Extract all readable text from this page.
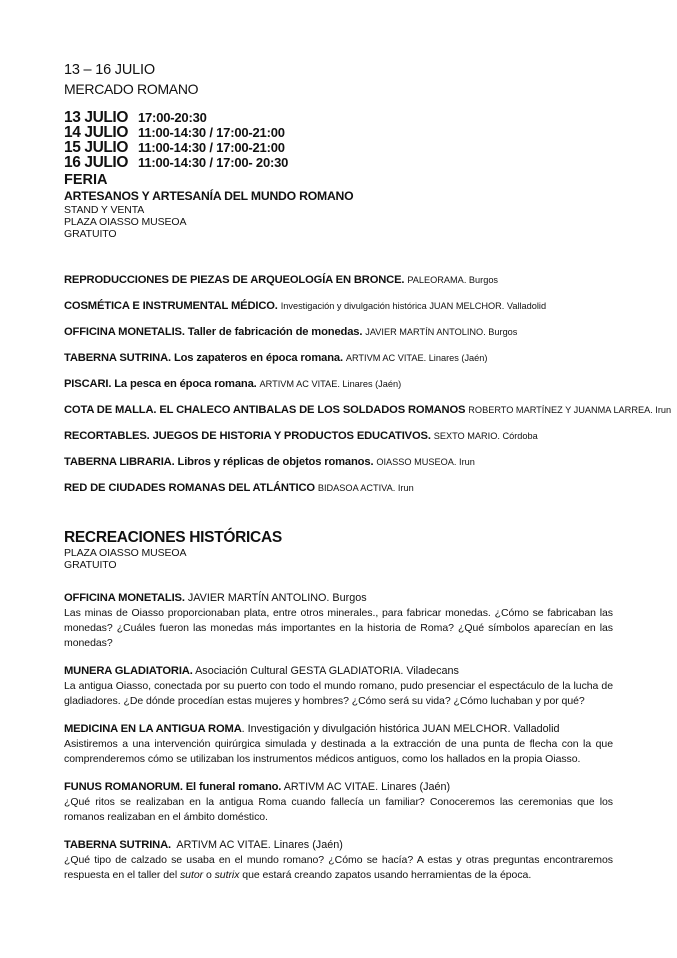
13 – 16 JULIO
MERCADO ROMANO
13 JULIO 17:00-20:30
14 JULIO 11:00-14:30 / 17:00-21:00
15 JULIO 11:00-14:30 / 17:00-21:00
16 JULIO 11:00-14:30 / 17:00- 20:30
FERIA
ARTESANOS Y ARTESANÍA DEL MUNDO ROMANO
STAND Y VENTA
PLAZA OIASSO MUSEOA
GRATUITO
REPRODUCCIONES DE PIEZAS DE ARQUEOLOGÍA EN BRONCE. PALEORAMA. Burgos
COSMÉTICA E INSTRUMENTAL MÉDICO. Investigación y divulgación histórica JUAN MELCHOR. Valladolid
OFFICINA MONETALIS. Taller de fabricación de monedas. JAVIER MARTÍN ANTOLINO. Burgos
TABERNA SUTRINA. Los zapateros en época romana. ARTIVM AC VITAE. Linares (Jaén)
PISCARI. La pesca en época romana. ARTIVM AC VITAE. Linares (Jaén)
COTA DE MALLA. EL CHALECO ANTIBALAS DE LOS SOLDADOS ROMANOS ROBERTO MARTÍNEZ Y JUANMA LARREA. Irun
RECORTABLES. JUEGOS DE HISTORIA Y PRODUCTOS EDUCATIVOS. SEXTO MARIO. Córdoba
TABERNA LIBRARIA. Libros y réplicas de objetos romanos. OIASSO MUSEOA. Irun
RED DE CIUDADES ROMANAS DEL ATLÁNTICO BIDASOA ACTIVA. Irun
RECREACIONES HISTÓRICAS
PLAZA OIASSO MUSEOA
GRATUITO
OFFICINA MONETALIS. JAVIER MARTÍN ANTOLINO. Burgos
Las minas de Oiasso proporcionaban plata, entre otros minerales., para fabricar monedas. ¿Cómo se fabricaban las monedas? ¿Cuáles fueron las monedas más importantes en la historia de Roma? ¿Qué símbolos aparecían en las monedas?
MUNERA GLADIATORIA. Asociación Cultural GESTA GLADIATORIA. Viladecans
La antigua Oiasso, conectada por su puerto con todo el mundo romano, pudo presenciar el espectáculo de la lucha de gladiadores. ¿De dónde procedían estas mujeres y hombres? ¿Cómo será su vida? ¿Cómo luchaban y por qué?
MEDICINA EN LA ANTIGUA ROMA. Investigación y divulgación histórica JUAN MELCHOR. Valladolid
Asistiremos a una intervención quirúrgica simulada y destinada a la extracción de una punta de flecha con la que comprenderemos cómo se utilizaban los instrumentos médicos antiguos, como los hallados en la propia Oiasso.
FUNUS ROMANORUM. El funeral romano. ARTIVM AC VITAE. Linares (Jaén)
¿Qué ritos se realizaban en la antigua Roma cuando fallecía un familiar? Conoceremos las ceremonias que los romanos realizaban en el ámbito doméstico.
TABERNA SUTRINA. ARTIVM AC VITAE. Linares (Jaén)
¿Qué tipo de calzado se usaba en el mundo romano? ¿Cómo se hacía? A estas y otras preguntas encontraremos respuesta en el taller del sutor o sutrix que estará creando zapatos usando herramientas de la época.
